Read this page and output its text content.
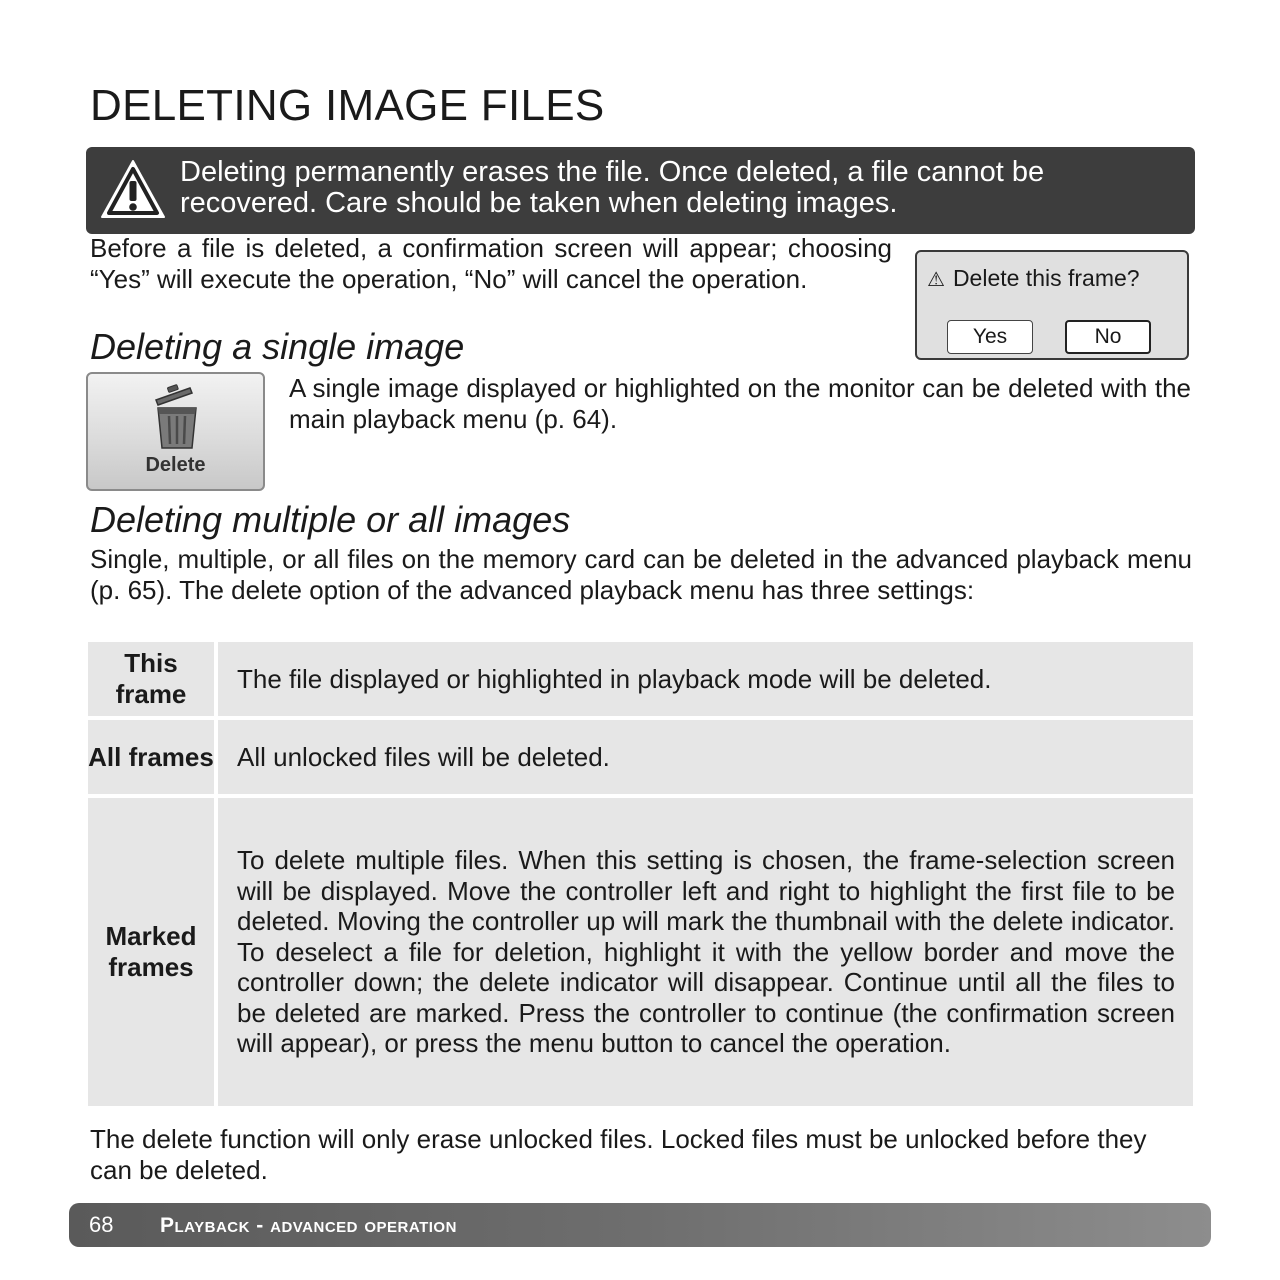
DELETING IMAGE FILES
Deleting permanently erases the file. Once deleted, a file cannot be recovered. Care should be taken when deleting images.
Before a file is deleted, a confirmation screen will appear; choosing “Yes” will execute the operation, “No” will cancel the operation.	⚠ Delete this frame?
Yes	No
Deleting a single image
Delete
A single image displayed or highlighted on the monitor can be deleted with the main playback menu (p. 64).
Deleting multiple or all images
Single, multiple, or all files on the memory card can be deleted in the advanced playback menu (p. 65). The delete option of the advanced playback menu has three settings:
This frame
The file displayed or highlighted in playback mode will be deleted.
All frames All unlocked files will be deleted.
Marked frames
To delete multiple files. When this setting is chosen, the frame-selection screen will be displayed. Move the controller left and right to highlight the first file to be deleted. Moving the controller up will mark the thumbnail with the delete indicator. To deselect a file for deletion, highlight it with the yellow border and move the controller down; the delete indicator will disappear. Continue until all the files to be deleted are marked. Press the controller to continue (the confirmation screen will appear), or press the menu button to cancel the operation.
The delete function will only erase unlocked files. Locked files must be unlocked before they can be deleted.
68 Playback - advanced operation
